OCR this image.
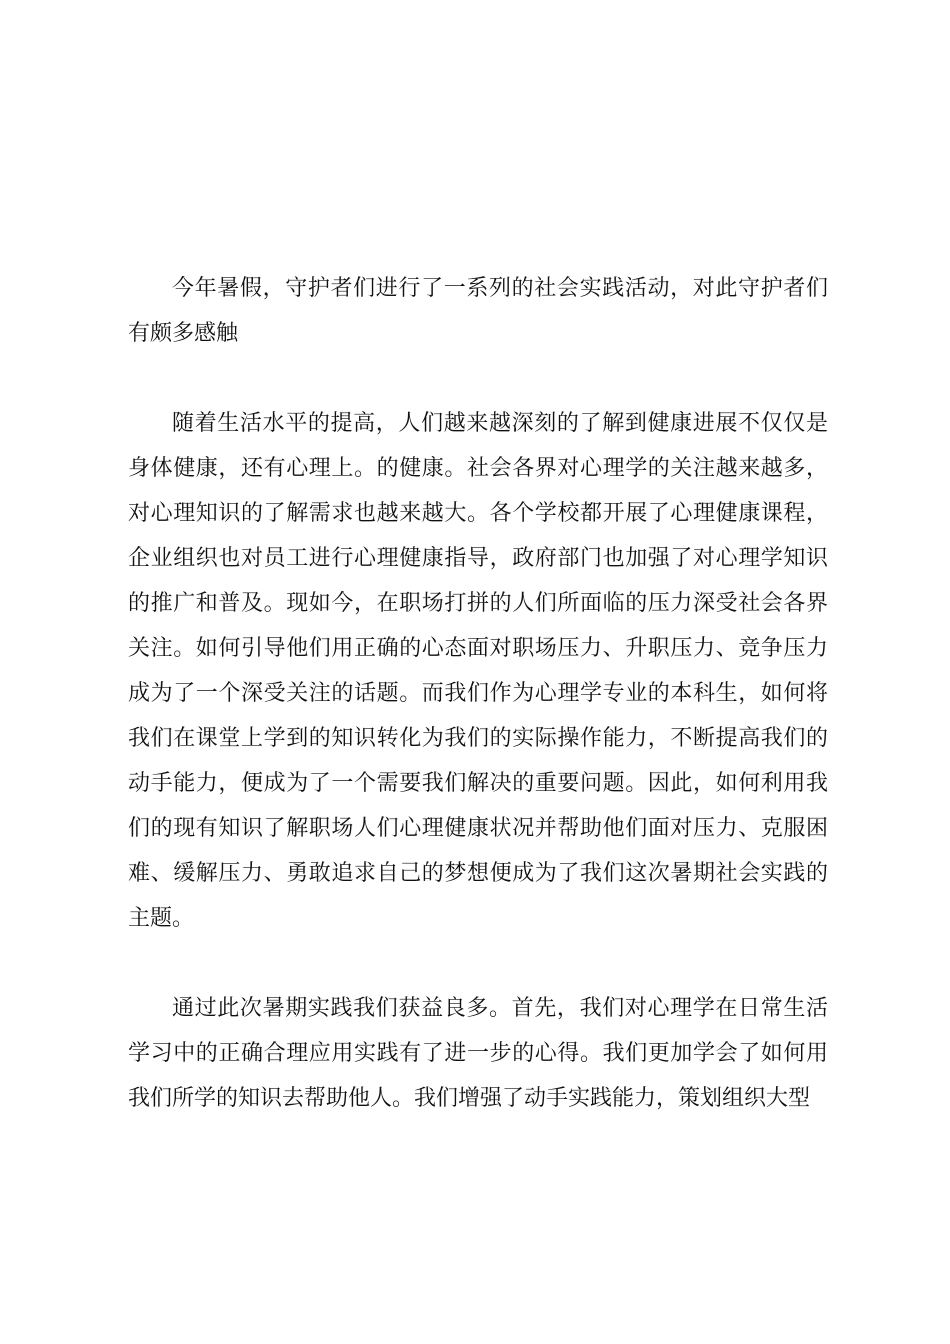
今年暑假，守护者们进行了一系列的社会实践活动，对此守护者们有颇多感触

随着生活水平的提高，人们越来越深刻的了解到健康进展不仅仅是身体健康，还有心理上。的健康。社会各界对心理学的关注越来越多，对心理知识的了解需求也越来越大。各个学校都开展了心理健康课程，企业组织也对员工进行心理健康指导，政府部门也加强了对心理学知识的推广和普及。现如今，在职场打拼的人们所面临的压力深受社会各界关注。如何引导他们用正确的心态面对职场压力、升职压力、竞争压力成为了一个深受关注的话题。而我们作为心理学专业的本科生，如何将我们在课堂上学到的知识转化为我们的实际操作能力，不断提高我们的动手能力，便成为了一个需要我们解决的重要问题。因此，如何利用我们的现有知识了解职场人们心理健康状况并帮助他们面对压力、克服困难、缓解压力、勇敢追求自己的梦想便成为了我们这次暑期社会实践的主题。

通过此次暑期实践我们获益良多。首先，我们对心理学在日常生活学习中的正确合理应用实践有了进一步的心得。我们更加学会了如何用我们所学的知识去帮助他人。我们增强了动手实践能力，策划组织大型
